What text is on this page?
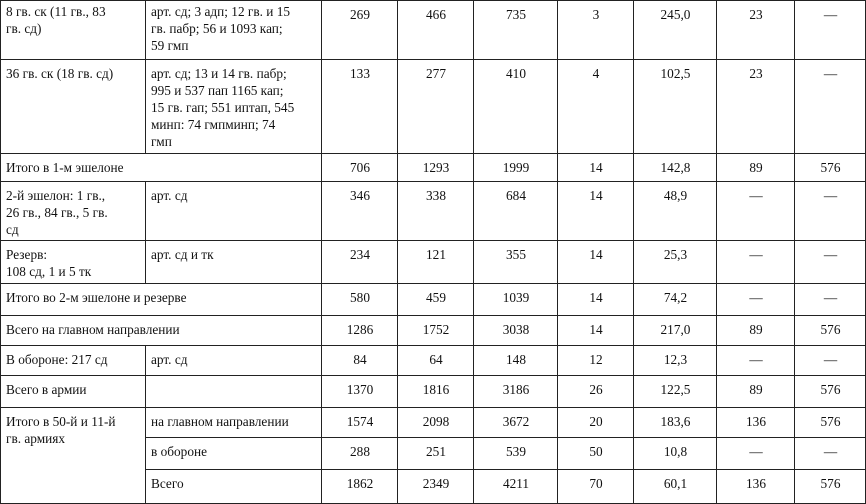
8 гв. ск (11 гв., 83
гв. сд)	арт. сд; 3 адп; 12 гв. и 15
гв. пабр; 56 и 1093 кап;
59 гмп	269	466	735	3	245,0	23	—
36 гв. ск (18 гв. сд)	арт. сд; 13 и 14 гв. пабр;
995 и 537 пап 1165 кап;
15 гв. гап; 551 иптап, 545
минп: 74 гмпминп; 74
гмп	133	277	410	4	102,5	23	—
Итого в 1-м эшелоне		706	1293	1999	14	142,8	89	576
2-й эшелон: 1 гв.,
26 гв., 84 гв., 5 гв.
сд	арт. сд	346	338	684	14	48,9	—	—
Резерв:
108 сд, 1 и 5 тк	арт. сд и тк	234	121	355	14	25,3	—	—
Итого во 2-м эшелоне и резерве		580	459	1039	14	74,2	—	—
Всего на главном направлении		1286	1752	3038	14	217,0	89	576
В обороне: 217 сд	арт. сд	84	64	148	12	12,3	—	—
Всего в армии		1370	1816	3186	26	122,5	89	576
Итого в 50-й и 11-й
гв. армиях	на главном направлении	1574	2098	3672	20	183,6	136	576
	в обороне	288	251	539	50	10,8	—	—
	Всего	1862	2349	4211	70	60,1	136	576
